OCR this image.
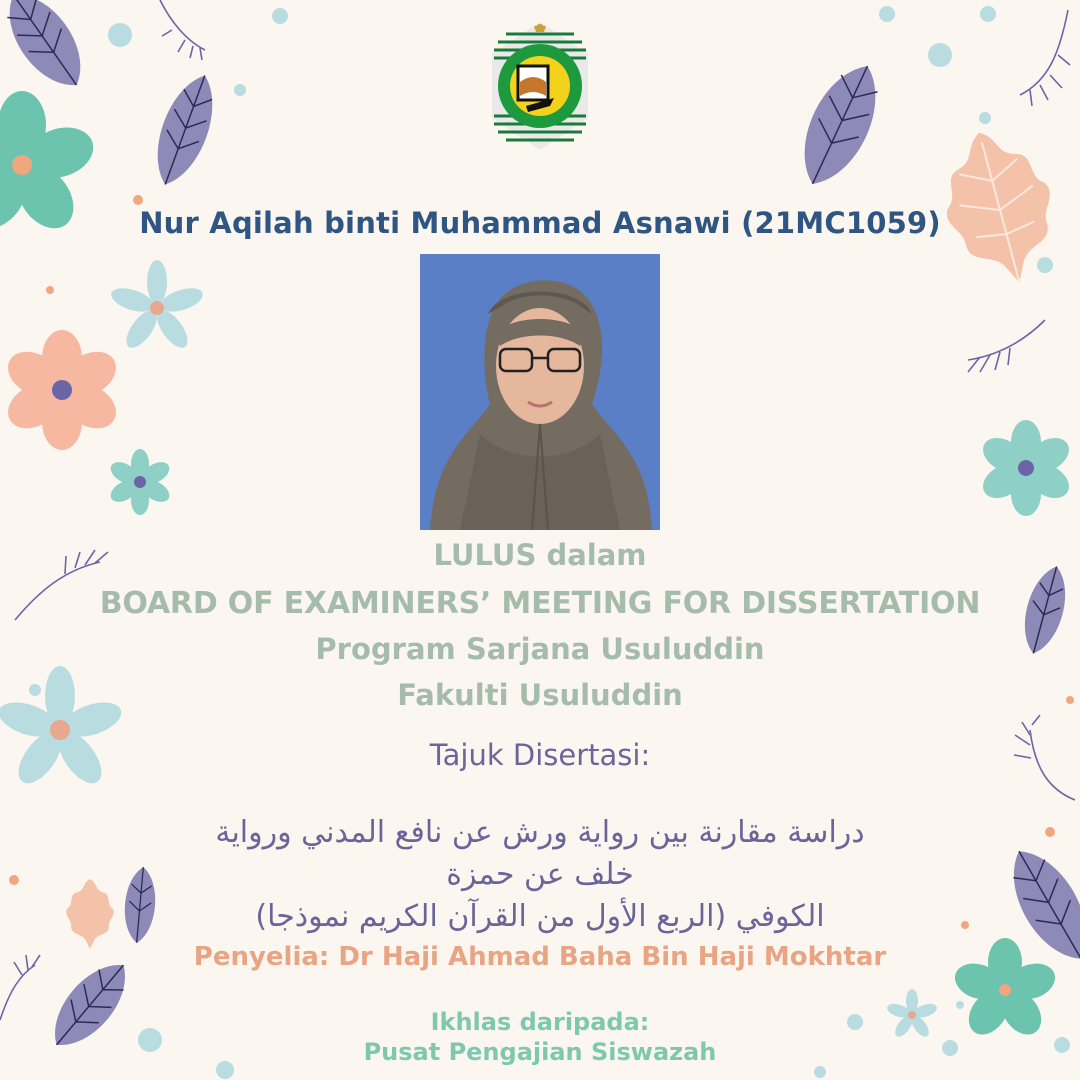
Nur Aqilah binti Muhammad Asnawi (21MC1059)
LULUS dalam
BOARD OF EXAMINERS’ MEETING FOR DISSERTATION
Program Sarjana Usuluddin
Fakulti Usuluddin
Tajuk Disertasi:
دراسة مقارنة بين رواية ورش عن نافع المدني ورواية خلف عن حمزة
الكوفي (الربع الأول من القرآن الكريم نموذجا)
Penyelia: Dr Haji Ahmad Baha Bin Haji Mokhtar
Ikhlas daripada:
Pusat Pengajian Siswazah
